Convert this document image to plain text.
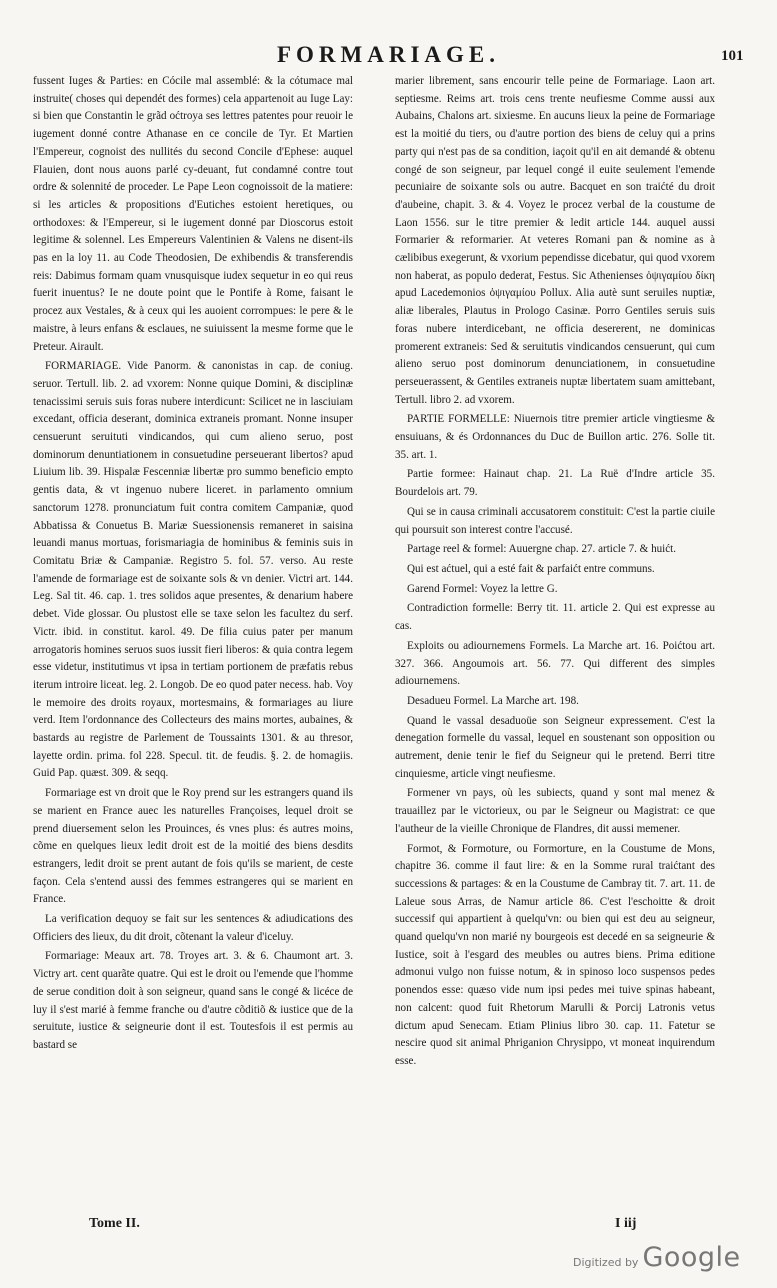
FORMARIAGE.	101

fussent Iuges & Parties: en Cócile mal assemblé: & la cótumace mal instruite( choses qui dependét des formes) cela appartenoit au Iuge Lay: si bien que Constantin le grãd oćtroya ses lettres patentes pour reuoir le iugement donné contre Athanase en ce concile de Tyr. Et Martien l'Empereur, cognoist des nullités du second Concile d'Ephese: auquel Flauien, dont nous auons parlé cy-deuant, fut condamné contre tout ordre & solennité de proceder. Le Pape Leon cognoissoit de la matiere: si les articles & propositions d'Eutiches estoient heretiques, ou orthodoxes: & l'Empereur, si le iugement donné par Dioscorus estoit legitime & solennel. Les Empereurs Valentinien & Valens ne disent-ils pas en la loy 11. au Code Theodosien, De exhibendis & transferendis reis: Dabimus formam quam vnusquisque iudex sequetur in eo qui reus fuerit inuentus? Ie ne doute point que le Pontife à Rome, faisant le procez aux Vestales, & à ceux qui les auoient corrompues: le pere & le maistre, à leurs enfans & esclaues, ne suiuissent la mesme forme que le Preteur. Airault.

FORMARIAGE. Vide Panorm. & canonistas in cap. de coniug. seruor. Tertull. lib. 2. ad vxorem: Nonne quique Domini, & disciplinæ tenacissimi seruis suis foras nubere interdicunt: Scilicet ne in lasciuiam excedant, officia deserant, dominica extraneis promant. Nonne insuper censuerunt seruituti vindicandos, qui cum alieno seruo, post dominorum denuntiationem in consuetudine perseuerant libertos? apud Liuium lib. 39. Hispalæ Fescenniæ libertæ pro summo beneficio empto gentis data, & vt ingenuo nubere liceret. in parlamento omnium sanctorum 1278. pronunciatum fuit contra comitem Campaniæ, quod Abbatissa & Conuetus B. Mariæ Suessionensis remaneret in saisina leuandi manus mortuas, forismariagia de hominibus & feminis suis in Comitatu Briæ & Campaniæ. Registro 5. fol. 57. verso. Au reste l'amende de formariage est de soixante sols & vn denier. Victri art. 144. Leg. Sal tit. 46. cap. 1. tres solidos aque presentes, & denarium habere debet. Vide glossar. Ou plustost elle se taxe selon les facultez du serf. Victr. ibid. in constitut. karol. 49. De filia cuius pater per manum arrogatoris homines seruos suos iussit fieri liberos: & quia contra legem esse videtur, institutimus vt ipsa in tertiam portionem de præfatis rebus iterum introire liceat. leg. 2. Longob. De eo quod pater necess. hab. Voy le memoire des droits royaux, mortesmains, & formariages au liure verd. Item l'ordonnance des Collecteurs des mains mortes, aubaines, & bastards au registre de Parlement de Toussaints 1301. & au thresor, layette ordin. prima. fol 228. Specul. tit. de feudis. §. 2. de homagiis. Guid Pap. quæst. 309. & seqq.

Formariage est vn droit que le Roy prend sur les estrangers quand ils se marient en France auec les naturelles Françoises, lequel droit se prend diuersement selon les Prouinces, és vnes plus: és autres moins, cõme en quelques lieux ledit droit est de la moitié des biens desdits estrangers, ledit droit se prent autant de fois qu'ils se marient, de ceste façon. Cela s'entend aussi des femmes estrangeres qui se marient en France.

La verification dequoy se fait sur les sentences & adiudications des Officiers des lieux, du dit droit, cõtenant la valeur d'iceluy.

Formariage: Meaux art. 78. Troyes art. 3. & 6. Chaumont art. 3. Victry art. cent quarãte quatre. Qui est le droit ou l'emende que l'homme de serue condition doit à son seigneur, quand sans le congé & licéce de luy il s'est marié à femme franche ou d'autre cõditiõ & iustice que de la seruitute, iustice & seigneurie dont il est. Toutesfois il est permis au bastard se

marier librement, sans encourir telle peine de Formariage. Laon art. septiesme. Reims art. trois cens trente neufiesme Comme aussi aux Aubains, Chalons art. sixiesme. En aucuns lieux la peine de Formariage est la moitié du tiers, ou d'autre portion des biens de celuy qui a prins party qui n'est pas de sa condition, iaçoit qu'il en ait demandé & obtenu congé de son seigneur, par lequel congé il euite seulement l'emende pecuniaire de soixante sols ou autre. Bacquet en son traićté du droit d'aubeine, chapit. 3. & 4. Voyez le procez verbal de la coustume de Laon 1556. sur le titre premier & ledit article 144. auquel aussi Formarier & reformarier. At veteres Romani pan & nomine as à cælibibus exegerunt, & vxorium pependisse dicebatur, qui quod vxorem non haberat, as populo dederat, Festus. Sic Athenienses ὀψιγαμίου δίκη apud Lacedemonios ὀψιγαμίου Pollux. Alia autè sunt seruiles nuptiæ, aliæ liberales, Plautus in Prologo Casinæ. Porro Gentiles seruis suis foras nubere interdicebant, ne officia desererent, ne dominicas promerent extraneis: Sed & seruitutis vindicandos censuerunt, qui cum alieno seruo post dominorum denunciationem, in consuetudine perseuerassent, & Gentiles extraneis nuptæ libertatem suam amittebant, Tertull. libro 2. ad vxorem.

PARTIE FORMELLE: Niuernois titre premier article vingtiesme & ensuiuans, & és Ordonnances du Duc de Buillon artic. 276. Solle tit. 35. art. 1.

Partie formee: Hainaut chap. 21. La Ruë d'Indre article 35. Bourdelois art. 79.

Qui se in causa criminali accusatorem constituit: C'est la partie ciuile qui poursuit son interest contre l'accusé.

Partage reel & formel: Auuergne chap. 27. article 7. & huićt.

Qui est aćtuel, qui a esté fait & parfaićt entre communs.

Garend Formel: Voyez la lettre G.

Contradiction formelle: Berry tit. 11. article 2. Qui est expresse au cas.

Exploits ou adiournemens Formels. La Marche art. 16. Poićtou art. 327. 366. Angoumois art. 56. 77. Qui different des simples adiournemens.

Desadueu Formel. La Marche art. 198.

Quand le vassal desaduoüe son Seigneur expressement. C'est la denegation formelle du vassal, lequel en soustenant son opposition ou autrement, denie tenir le fief du Seigneur qui le pretend. Berri titre cinquiesme, article vingt neufiesme.

Formener vn pays, où les subiects, quand y sont mal menez & trauaillez par le victorieux, ou par le Seigneur ou Magistrat: ce que l'autheur de la vieille Chronique de Flandres, dit aussi memener.

Formot, & Formoture, ou Formorture, en la Coustume de Mons, chapitre 36. comme il faut lire: & en la Somme rural traićtant des successions & partages: & en la Coustume de Cambray tit. 7. art. 11. de Laleue sous Arras, de Namur article 86. C'est l'eschoitte & droit successif qui appartient à quelqu'vn: ou bien qui est deu au seigneur, quand quelqu'vn non marié ny bourgeois est decedé en sa seigneurie & Iustice, soit à l'esgard des meubles ou autres biens. Prima editione admonui vulgo non fuisse notum, & in spinoso loco suspensos pedes ponendos esse: quæso vide num ipsi pedes mei tuive spinas habeant, non calcent: quod fuit Rhetorum Marulli & Porcij Latronis vetus dictum apud Senecam. Etiam Plinius libro 30. cap. 11. Fatetur se nescire quod sit animal Phriganion Chrysippo, vt moneat inquirendum esse.

Tome II.	I iij
Digitized by Google
